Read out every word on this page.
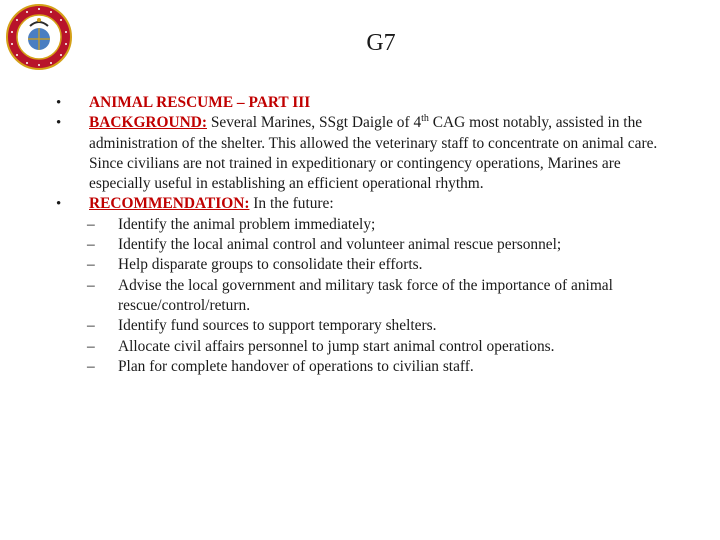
G7
• ANIMAL RESCUME – PART III
• BACKGROUND: Several Marines, SSgt Daigle of 4th CAG most notably, assisted in the administration of the shelter. This allowed the veterinary staff to concentrate on animal care. Since civilians are not trained in expeditionary or contingency operations, Marines are especially useful in establishing an efficient operational rhythm.
• RECOMMENDATION: In the future:
– Identify the animal problem immediately;
– Identify the local animal control and volunteer animal rescue personnel;
– Help disparate groups to consolidate their efforts.
– Advise the local government and military task force of the importance of animal rescue/control/return.
– Identify fund sources to support temporary shelters.
– Allocate civil affairs personnel to jump start animal control operations.
– Plan for complete handover of operations to civilian staff.
